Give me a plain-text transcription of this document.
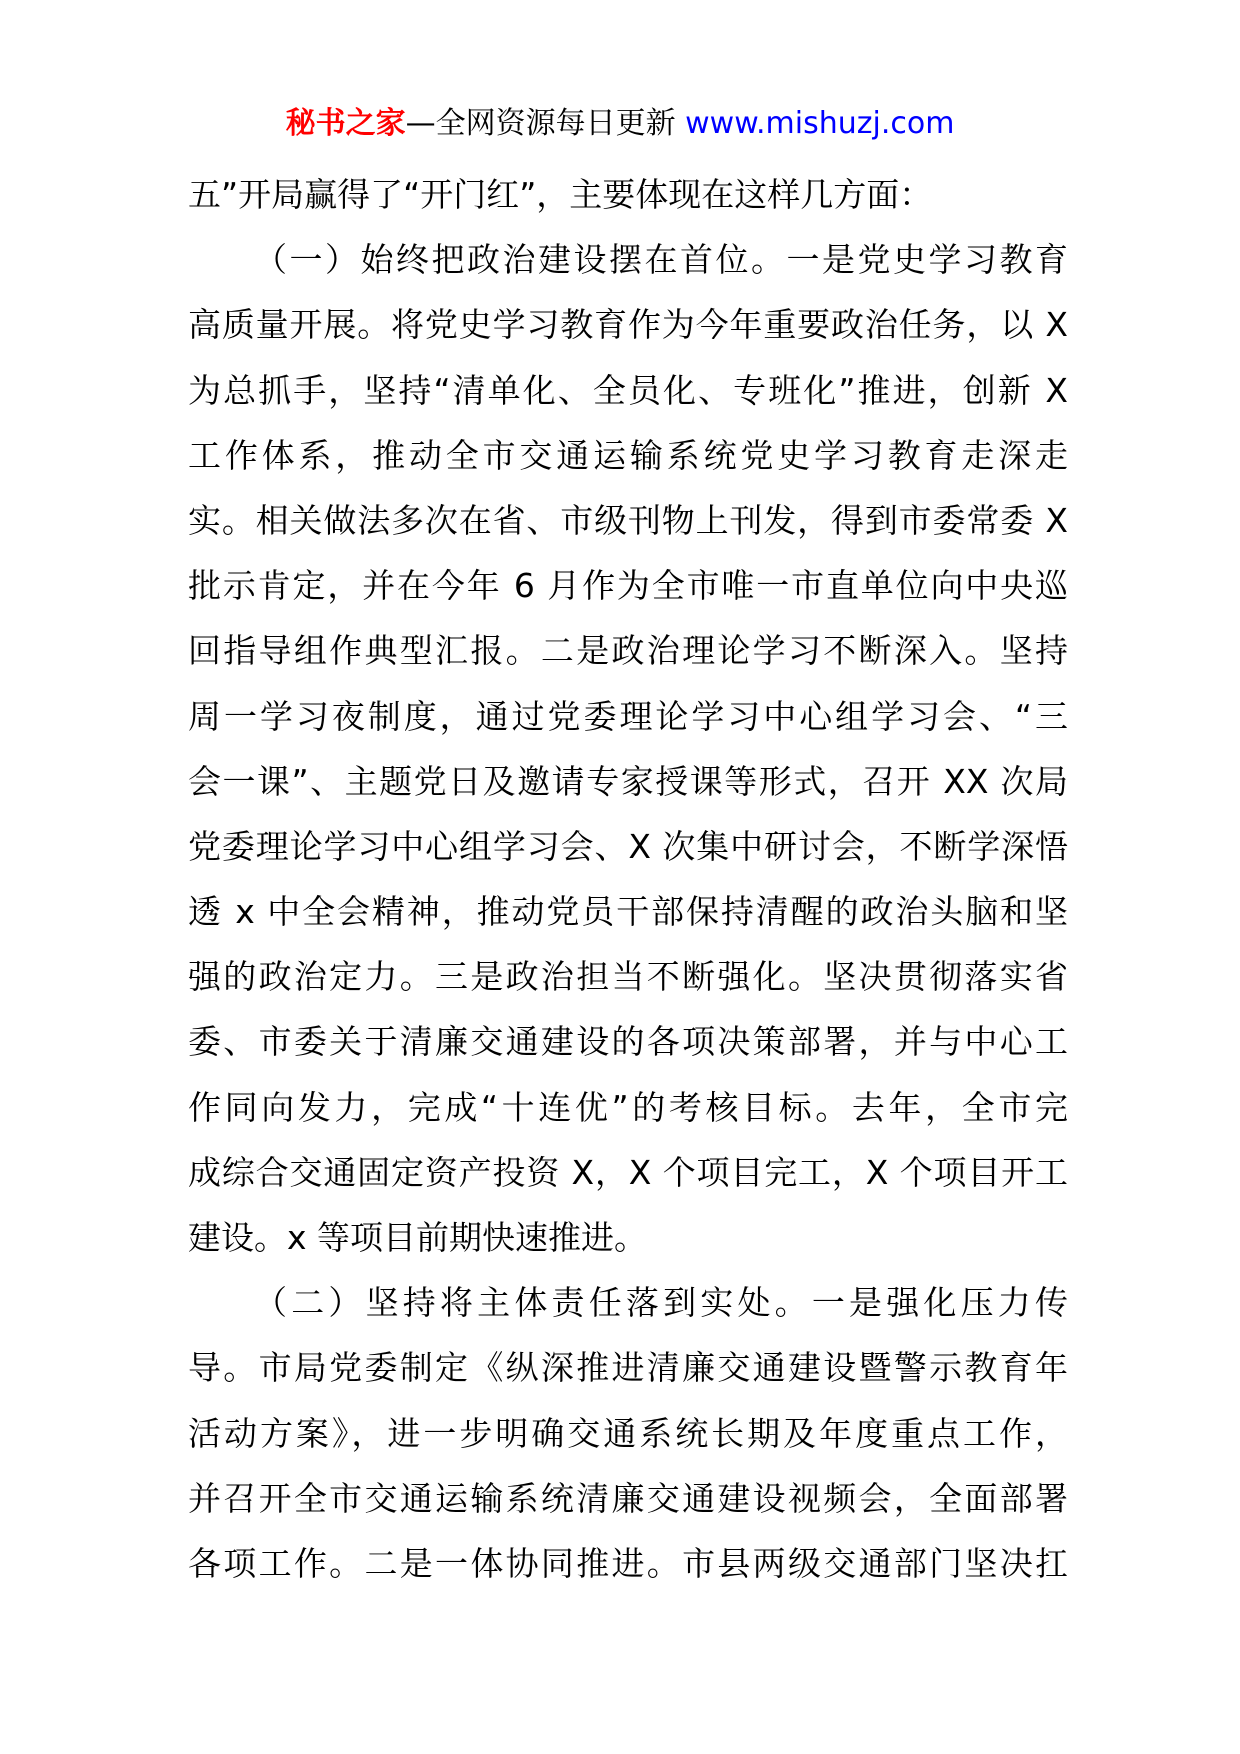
秘书之家—全网资源每日更新 www.mishuzj.com
五”开局赢得了“开门红”，主要体现在这样几方面：
（一）始终把政治建设摆在首位。一是党史学习教育
高质量开展。将党史学习教育作为今年重要政治任务，以 X
为总抓手，坚持“清单化、全员化、专班化”推进，创新 X
工作体系，推动全市交通运输系统党史学习教育走深走
实。相关做法多次在省、市级刊物上刊发，得到市委常委 X
批示肯定，并在今年 6 月作为全市唯一市直单位向中央巡
回指导组作典型汇报。二是政治理论学习不断深入。坚持
周一学习夜制度，通过党委理论学习中心组学习会、“三
会一课”、主题党日及邀请专家授课等形式，召开 XX 次局
党委理论学习中心组学习会、X 次集中研讨会，不断学深悟
透 x 中全会精神，推动党员干部保持清醒的政治头脑和坚
强的政治定力。三是政治担当不断强化。坚决贯彻落实省
委、市委关于清廉交通建设的各项决策部署，并与中心工
作同向发力，完成“十连优”的考核目标。去年，全市完
成综合交通固定资产投资 X，X 个项目完工，X 个项目开工
建设。x 等项目前期快速推进。
（二）坚持将主体责任落到实处。一是强化压力传
导。市局党委制定《纵深推进清廉交通建设暨警示教育年
活动方案》，进一步明确交通系统长期及年度重点工作，
并召开全市交通运输系统清廉交通建设视频会，全面部署
各项工作。二是一体协同推进。市县两级交通部门坚决扛
